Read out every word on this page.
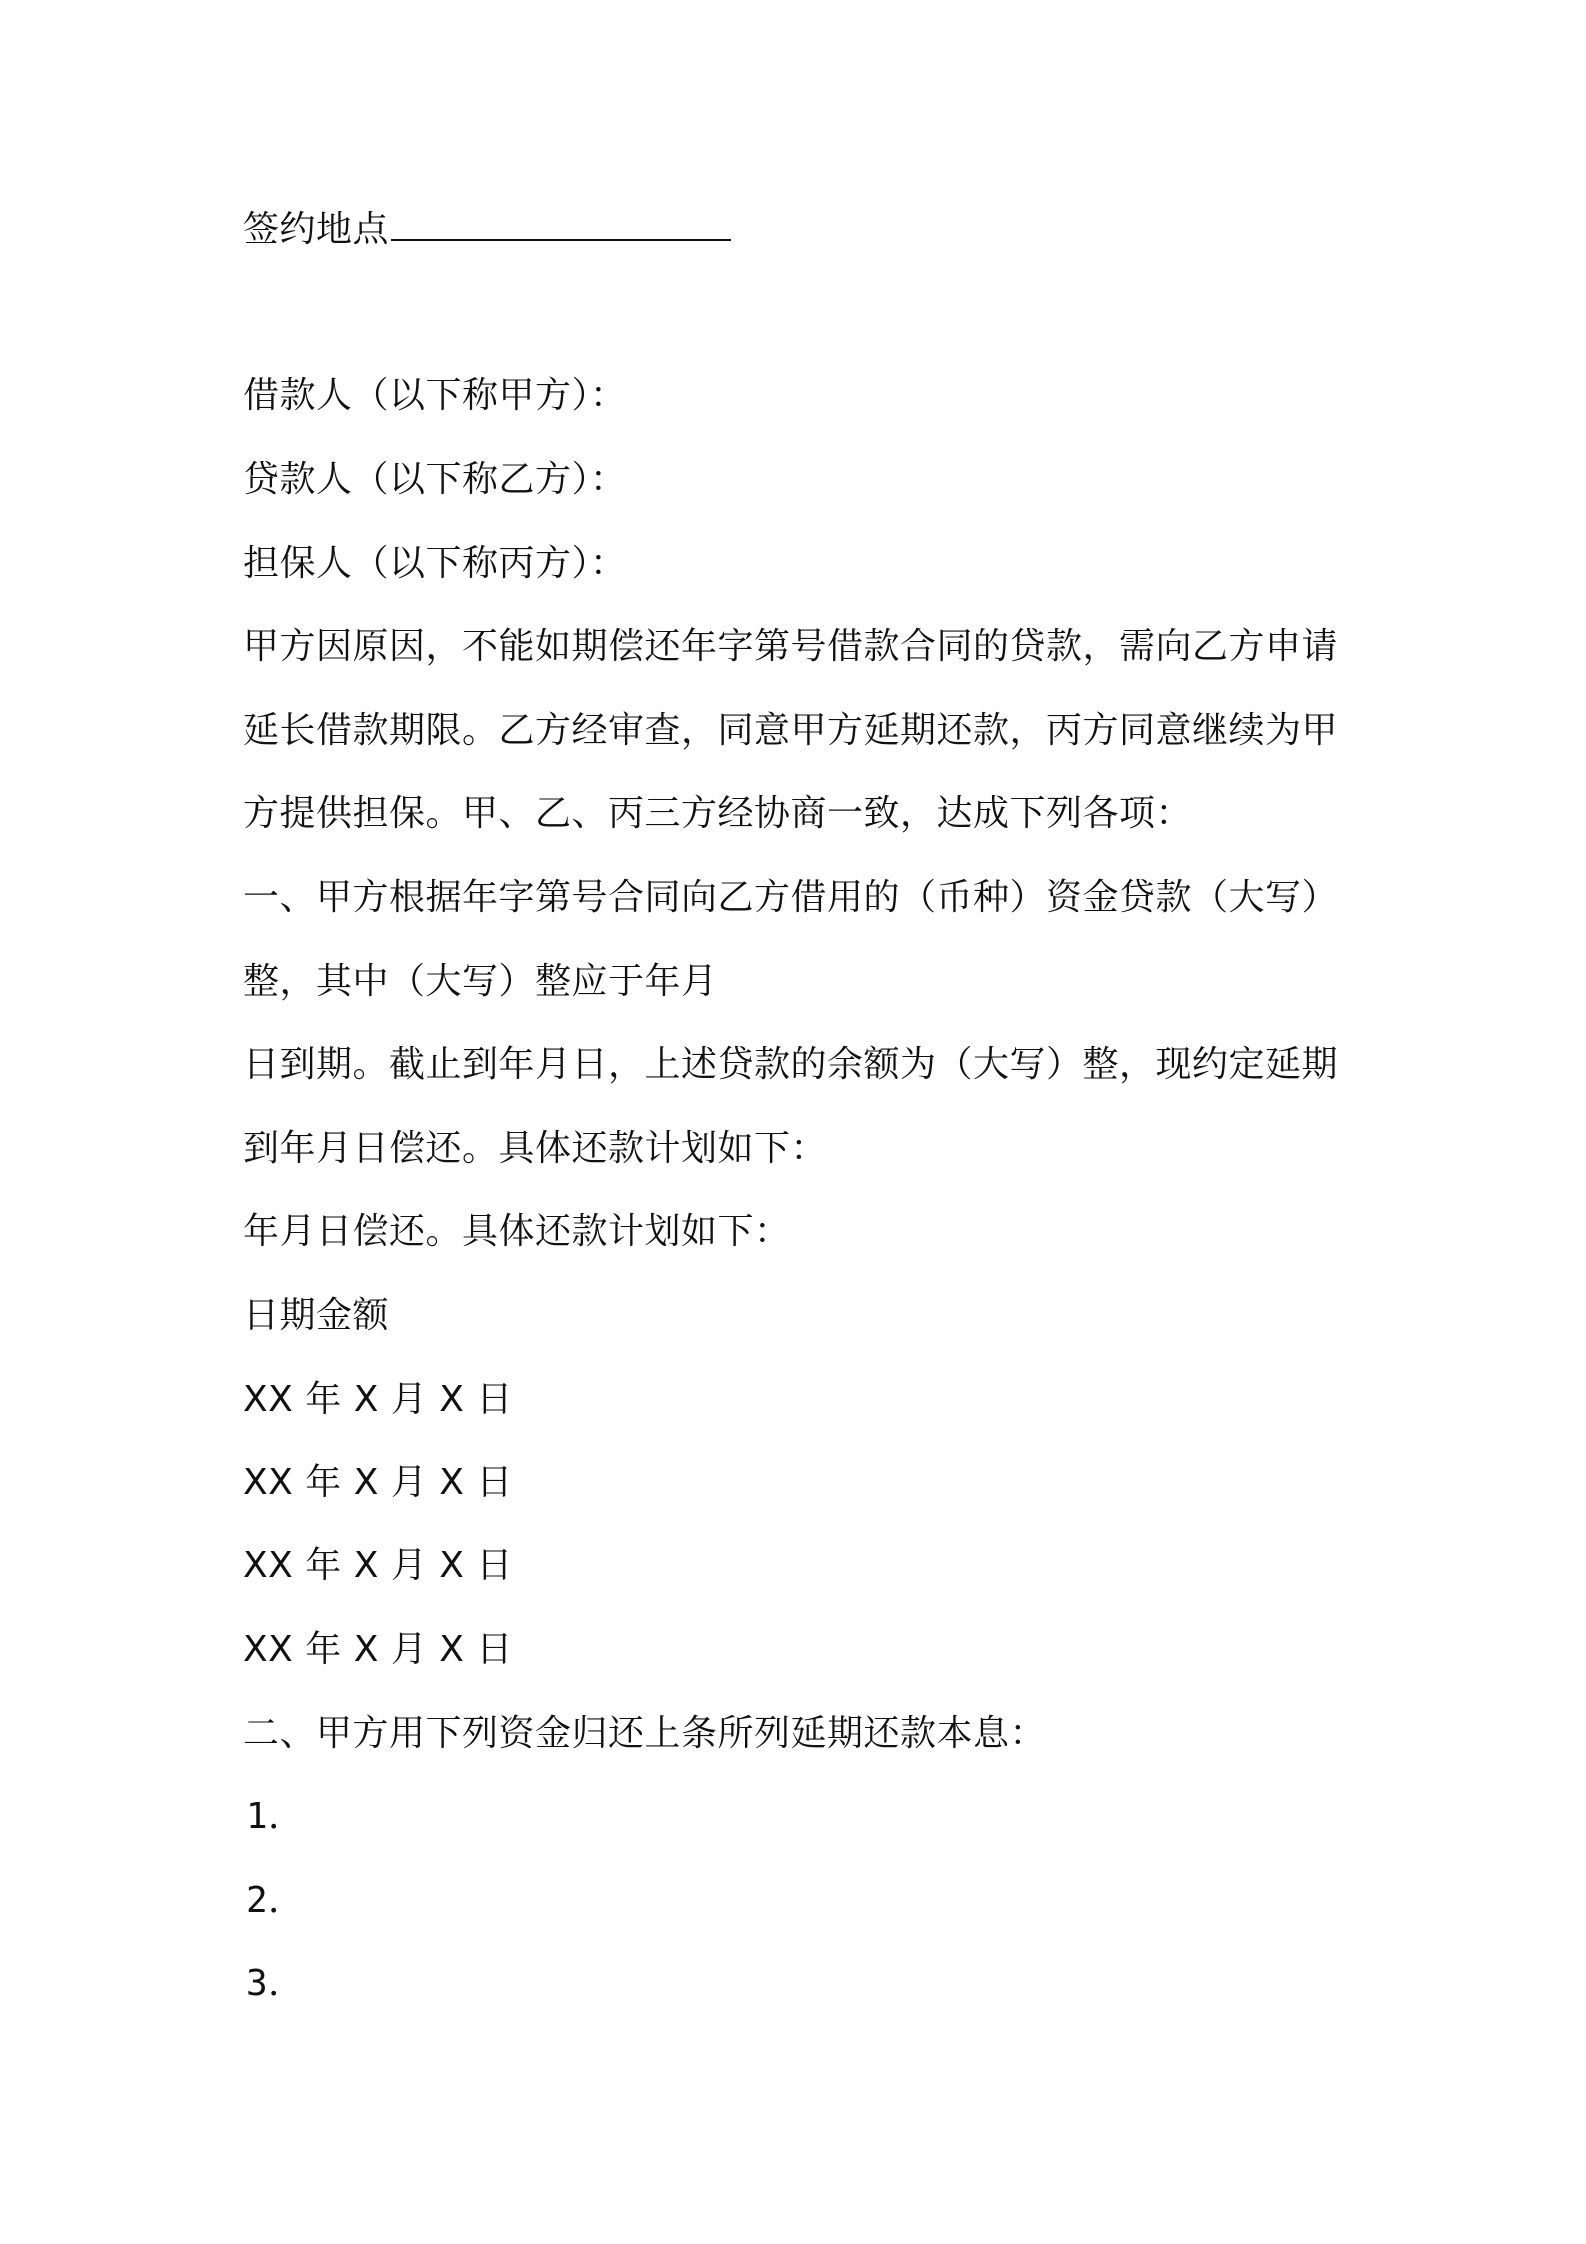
签约地点
借款人（以下称甲方）：
贷款人（以下称乙方）：
担保人（以下称丙方）：
甲方因原因，不能如期偿还年字第号借款合同的贷款，需向乙方申请
延长借款期限。乙方经审查，同意甲方延期还款，丙方同意继续为甲
方提供担保。甲、乙、丙三方经协商一致，达成下列各项：
一、甲方根据年字第号合同向乙方借用的（币种）资金贷款（大写）
整，其中（大写）整应于年月
日到期。截止到年月日，上述贷款的余额为（大写）整，现约定延期
到年月日偿还。具体还款计划如下：
年月日偿还。具体还款计划如下：
日期金额
XX 年 X 月 X 日
XX 年 X 月 X 日
XX 年 X 月 X 日
XX 年 X 月 X 日
二、甲方用下列资金归还上条所列延期还款本息：
1．
2．
3．
